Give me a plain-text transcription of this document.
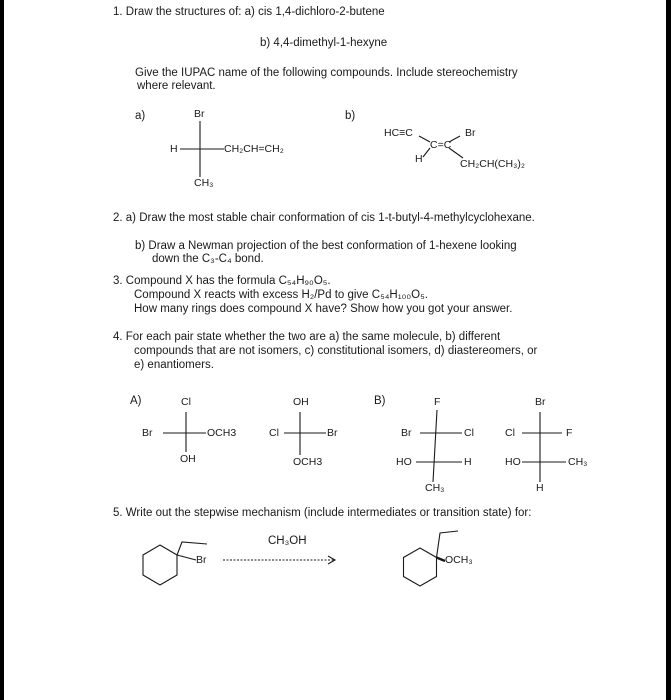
1. Draw the structures of: a) cis 1,4-dichloro-2-butene
b) 4,4-dimethyl-1-hexyne
Give the IUPAC name of the following compounds. Include stereochemistry
where relevant.
a)	Br
H	CH₂CH=CH₂
CH₃
b)
HC≡C	Br
C=C
H	CH₂CH(CH₃)₂
2. a) Draw the most stable chair conformation of cis 1-t-butyl-4-methylcyclohexane.
b) Draw a Newman projection of the best conformation of 1-hexene looking
down the C₃-C₄ bond.
3. Compound X has the formula C₅₄H₉₀O₅.
Compound X reacts with excess H₂/Pd to give C₅₄H₁₀₀O₅.
How many rings does compound X have? Show how you got your answer.
4. For each pair state whether the two are a) the same molecule, b) different
compounds that are not isomers, c) constitutional isomers, d) diastereomers, or
e) enantiomers.
A)	Cl
Br	OCH3
OH
OH
Cl	Br
OCH3
B)	F
Br	Cl
HO	H
CH₃
Br
Cl	F
HO	CH₃
H
5. Write out the stepwise mechanism (include intermediates or transition state) for:
CH₃OH
Br	OCH₃
